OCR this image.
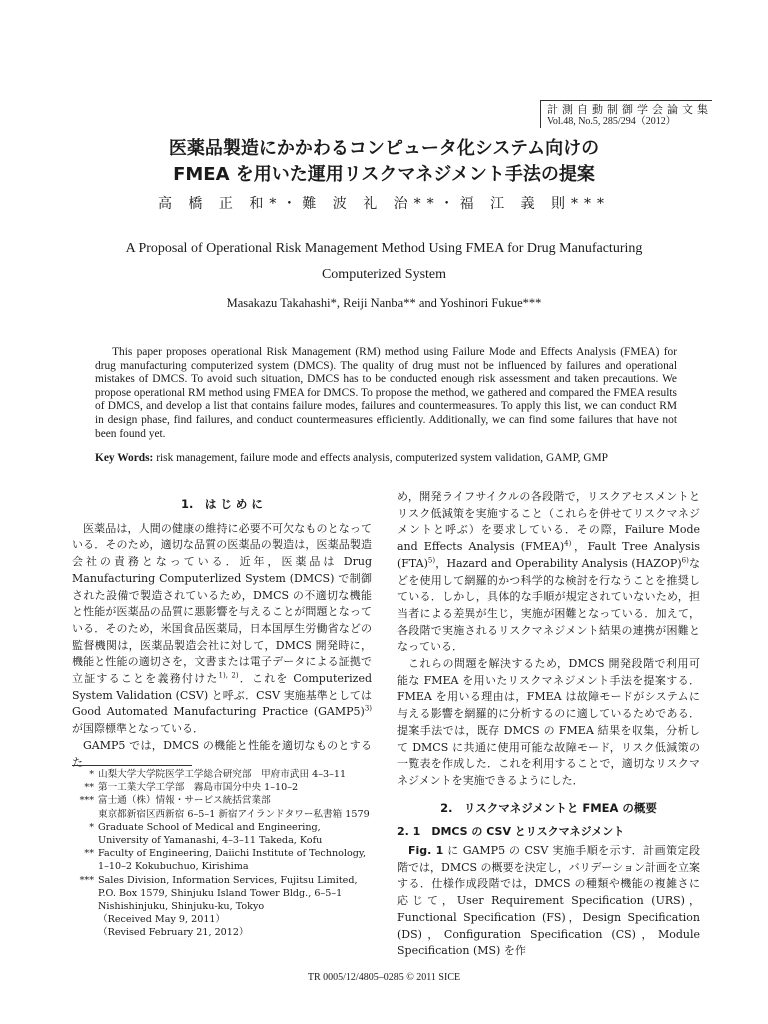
計測自動制御学会論文集
Vol.48, No.5, 285/294（2012）
医薬品製造にかかわるコンピュータ化システム向けの
FMEA を用いた運用リスクマネジメント手法の提案
高 橋 正 和*・難 波 礼 治**・福 江 義 則***
A Proposal of Operational Risk Management Method Using FMEA for Drug Manufacturing Computerized System
Masakazu Takahashi*, Reiji Nanba** and Yoshinori Fukue***

This paper proposes operational Risk Management (RM) method using Failure Mode and Effects Analysis (FMEA) for drug manufacturing computerized system (DMCS). The quality of drug must not be influenced by failures and operational mistakes of DMCS. To avoid such situation, DMCS has to be conducted enough risk assessment and taken precautions. We propose operational RM method using FMEA for DMCS. To propose the method, we gathered and compared the FMEA results of DMCS, and develop a list that contains failure modes, failures and countermeasures. To apply this list, we can conduct RM in design phase, find failures, and conduct countermeasures efficiently. Additionally, we can find some failures that have not been found yet.

Key Words: risk management, failure mode and effects analysis, computerized system validation, GAMP, GMP
1.　は じ め に

医薬品は，人間の健康の維持に必要不可欠なものとなっている．そのため，適切な品質の医薬品の製造は，医薬品製造会社の責務となっている．近年，医薬品は Drug Manufacturing Computerlized System (DMCS) で制御された設備で製造されているため，DMCS の不適切な機能と性能が医薬品の品質に悪影響を与えることが問題となっている．そのため，米国食品医薬局，日本国厚生労働省などの監督機関は，医薬品製造会社に対して，DMCS 開発時に，機能と性能の適切さを，文書または電子データによる証拠で立証することを義務付けた$^{1), 2)}$．これを Computerized System Validation (CSV) と呼ぶ．CSV 実施基準としては Good Automated Manufacturing Practice (GAMP5)$^{3)}$が国際標準となっている．

GAMP5 では，DMCS の機能と性能を適切なものとするた

* 山梨大学大学院医学工学総合研究部　甲府市武田 4–3–11
** 第一工業大学工学部　霧島市国分中央 1–10–2
*** 富士通（株）情報・サービス統括営業部
東京都新宿区西新宿 6–5–1 新宿アイランドタワー私書箱 1579
* Graduate School of Medical and Engineering, University of Yamanashi, 4–3–11 Takeda, Kofu
** Faculty of Engineering, Daiichi Institute of Technology, 1–10–2 Kokubuchuo, Kirishima
*** Sales Division, Information Services, Fujitsu Limited, P.O. Box 1579, Shinjuku Island Tower Bldg., 6–5–1 Nishishinjuku, Shinjuku-ku, Tokyo
（Received May 9, 2011）
（Revised February 21, 2012）

め，開発ライフサイクルの各段階で，リスクアセスメントとリスク低減策を実施すること（これらを併せてリスクマネジメントと呼ぶ）を要求している．その際，Failure Mode and Effects Analysis (FMEA)$^{4)}$，Fault Tree Analysis (FTA)$^{5)}$，Hazard and Operability Analysis (HAZOP)$^{6)}$などを使用して網羅的かつ科学的な検討を行なうことを推奨している．しかし，具体的な手順が規定されていないため，担当者による差異が生じ，実施が困難となっている．加えて，各段階で実施されるリスクマネジメント結果の連携が困難となっている．

これらの問題を解決するため，DMCS 開発段階で利用可能な FMEA を用いたリスクマネジメント手法を提案する．FMEA を用いる理由は，FMEA は故障モードがシステムに与える影響を網羅的に分析するのに適しているためである．提案手法では，既存 DMCS の FMEA 結果を収集，分析して DMCS に共通に使用可能な故障モード，リスク低減策の一覧表を作成した．これを利用することで，適切なリスクマネジメントを実施できるようにした．

2.　リスクマネジメントと FMEA の概要
2. 1　DMCS の CSV とリスクマネジメント

Fig. 1 に GAMP5 の CSV 実施手順を示す．計画策定段階では，DMCS の概要を決定し，バリデーション計画を立案する．仕様作成段階では，DMCS の種類や機能の複雑さに応じて，User Requirement Specification (URS)，Functional Specification (FS)，Design Specification (DS)，Configuration Specification (CS)，Module Specification (MS) を作

TR 0005/12/4805–0285 © 2011 SICE
